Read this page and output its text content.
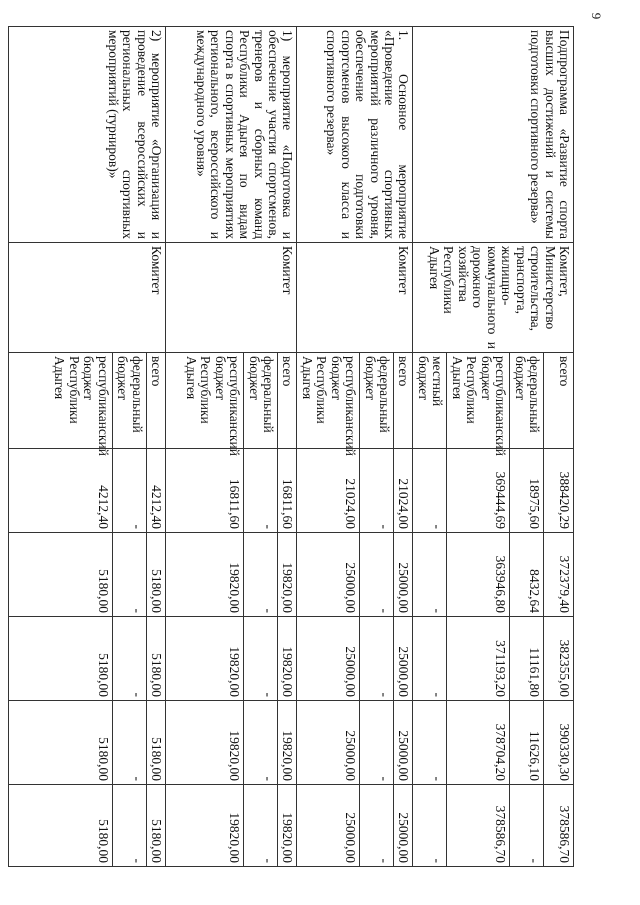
9
Подпрограмма «Развитие спорта высших достижений и системы подготовки спортивного резерва»	Комитет, Министерство строительства, транспорта, жилищно-коммунального и дорожного хозяйства Республики Адыгея	всего	388420,29	372379,40	382355,00	390330,30	378586,70
		федеральный бюджет	18975,60	8432,64	11161,80	11626,10	-
		республиканский бюджет Республики Адыгея	369444,69	363946,80	371193,20	378704,20	378586,70
		местный бюджет	-	-	-	-	-
1. Основное мероприятие «Проведение спортивных мероприятий различного уровня, обеспечение подготовки спортсменов высокого класса и спортивного резерва»	Комитет	всего	21024,00	25000,00	25000,00	25000,00	25000,00
		федеральный бюджет	-	-	-	-	-
		республиканский бюджет Республики Адыгея	21024,00	25000,00	25000,00	25000,00	25000,00
1) мероприятие «Подготовка и обеспечение участия спортсменов, тренеров и сборных команд Республики Адыгея по видам спорта в спортивных мероприятиях регионального, всероссийского и международного уровня»	Комитет	всего	16811,60	19820,00	19820,00	19820,00	19820,00
		федеральный бюджет	-	-	-	-	-
		республиканский бюджет Республики Адыгея	16811,60	19820,00	19820,00	19820,00	19820,00
2) мероприятие «Организация и проведение всероссийских и региональных спортивных мероприятий (турниров)»	Комитет	всего	4212,40	5180,00	5180,00	5180,00	5180,00
		федеральный бюджет	-	-	-	-	-
		республиканский бюджет Республики Адыгея	4212,40	5180,00	5180,00	5180,00	5180,00
